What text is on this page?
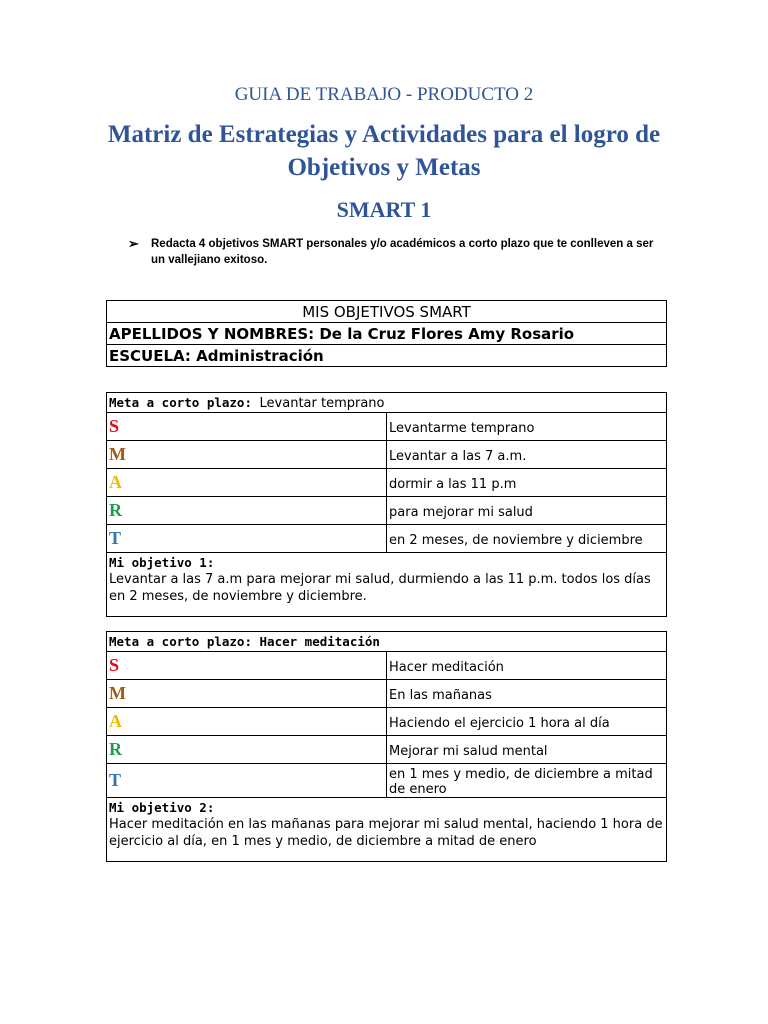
GUIA DE TRABAJO - PRODUCTO 2
Matriz de Estrategias y Actividades para el logro de Objetivos y Metas
SMART 1
➢ Redacta 4 objetivos SMART personales y/o académicos a corto plazo que te conlleven a ser un vallejiano exitoso.
MIS OBJETIVOS SMART
APELLIDOS Y NOMBRES: De la Cruz Flores Amy Rosario
ESCUELA: Administración
Meta a corto plazo: Levantar temprano	
S	Levantarme temprano
M	Levantar a las 7 a.m.
A	dormir a las 11 p.m
R	para mejorar mi salud
T	en 2 meses, de noviembre y diciembre

Mi objetivo 1:
Levantar a las 7 a.m para mejorar mi salud, durmiendo a las 11 p.m. todos los días en 2 meses, de noviembre y diciembre.	
Meta a corto plazo: Hacer meditación	
S	Hacer meditación
M	En las mañanas
A	Haciendo el ejercicio 1 hora al día
R	Mejorar mi salud mental
T	en 1 mes y medio, de diciembre a mitad de enero

Mi objetivo 2:
Hacer meditación en las mañanas para mejorar mi salud mental, haciendo 1 hora de ejercicio al día, en 1 mes y medio, de diciembre a mitad de enero	
